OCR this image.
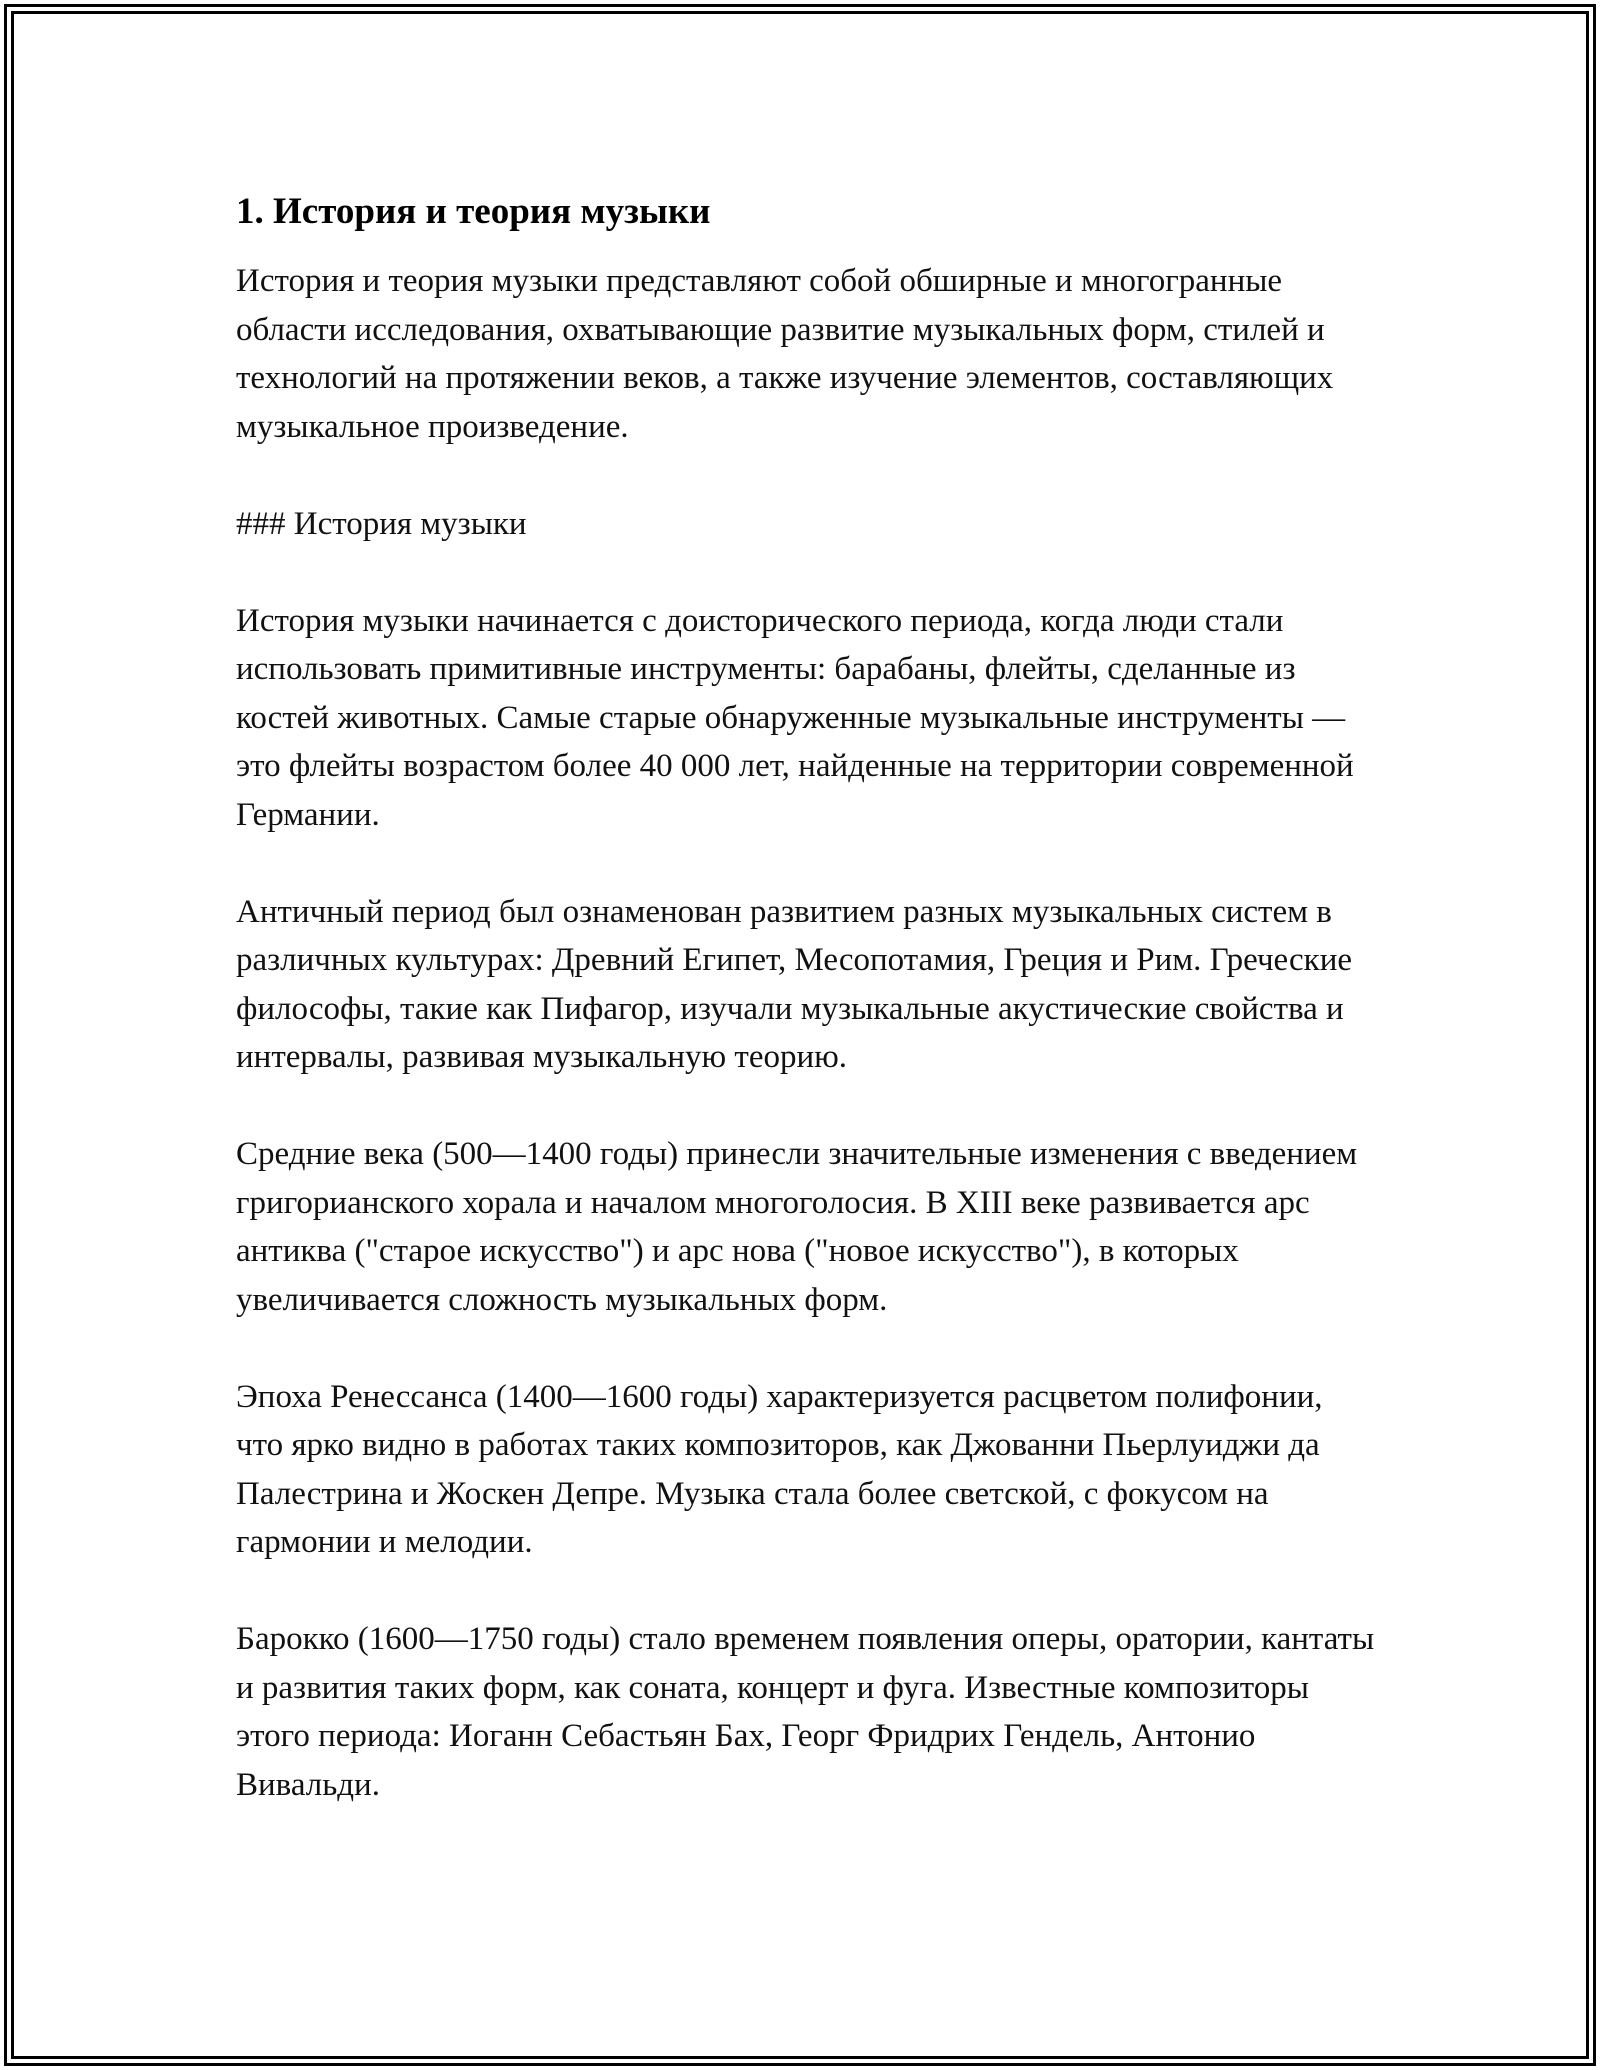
1. История и теория музыки

История и теория музыки представляют собой обширные и многогранные области исследования, охватывающие развитие музыкальных форм, стилей и технологий на протяжении веков, а также изучение элементов, составляющих музыкальное произведение.

### История музыки

История музыки начинается с доисторического периода, когда люди стали использовать примитивные инструменты: барабаны, флейты, сделанные из костей животных. Самые старые обнаруженные музыкальные инструменты — это флейты возрастом более 40 000 лет, найденные на территории современной Германии.

Античный период был ознаменован развитием разных музыкальных систем в различных культурах: Древний Египет, Месопотамия, Греция и Рим. Греческие философы, такие как Пифагор, изучали музыкальные акустические свойства и интервалы, развивая музыкальную теорию.

Средние века (500—1400 годы) принесли значительные изменения с введением григорианского хорала и началом многоголосия. В XIII веке развивается арс антиква ("старое искусство") и арс нова ("новое искусство"), в которых увеличивается сложность музыкальных форм.

Эпоха Ренессанса (1400—1600 годы) характеризуется расцветом полифонии, что ярко видно в работах таких композиторов, как Джованни Пьерлуиджи да Палестрина и Жоскен Депре. Музыка стала более светской, с фокусом на гармонии и мелодии.

Барокко (1600—1750 годы) стало временем появления оперы, оратории, кантаты и развития таких форм, как соната, концерт и фуга. Известные композиторы этого периода: Иоганн Себастьян Бах, Георг Фридрих Гендель, Антонио Вивальди.
